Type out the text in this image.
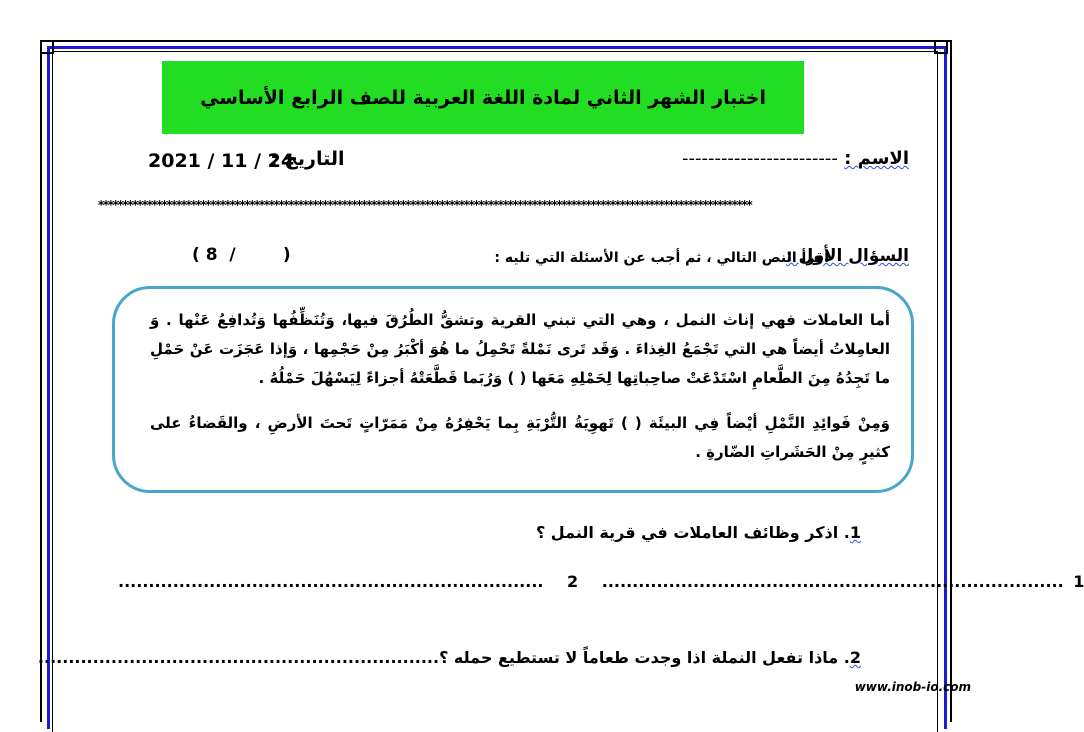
اختبار الشهر الثاني لمادة اللغة العربية للصف الرابع الأساسي
الاسم : ------------------------
التاريخ :
2021 / 11 / 24
**************************************************************************************************************************************
السؤال الأول :
اقرأ النص التالي ، ثم أجب عن الأسئلة التي تليه :
( 8  /        )

أما العاملات فهي إناث النمل ، وهي التي تبني القرية وتشقُّ الطُرُقَ فيها، وَتُنَظِّفُها وَتُدافِعُ عَنْها . وَ العامِلاتُ أيضاً هي التي تَجْمَعُ الغِذاءَ . وَقَد تَرى نَمْلةً تَحْمِلُ ما هُوَ أكْبَرُ مِنْ حَجْمِها ، وَإذا عَجَزَت عَنْ حَمْلِ ما تَجِدُهُ مِنَ الطَّعامِ اسْتَدْعَتْ صاحِباتِها لِحَمْلِهِ مَعَها ( ) وَرُبَما قَطَّعَتْهُ أجزاءً لِيَسْهُلَ حَمْلُهُ .

وَمِنْ فَوائِدِ النَّمْلِ أيْضاً فِي البيئَة ( ) تَهوِيَةُ التُّرْبَةِ بِما يَحْفِرُهُ مِنْ مَمَرّاتٍ تَحتَ الأرضِ ، والقَضاءُ على كثيرٍ مِنْ الحَشَراتِ الضّارةِ .

1. اذكر وظائف العاملات في قرية النمل ؟
...................................................................... 2 ............................................................................ 1
2. ماذا تفعل النملة اذا وجدت طعاماً لا تستطيع حمله ؟..................................................................
www.inob-io.com
